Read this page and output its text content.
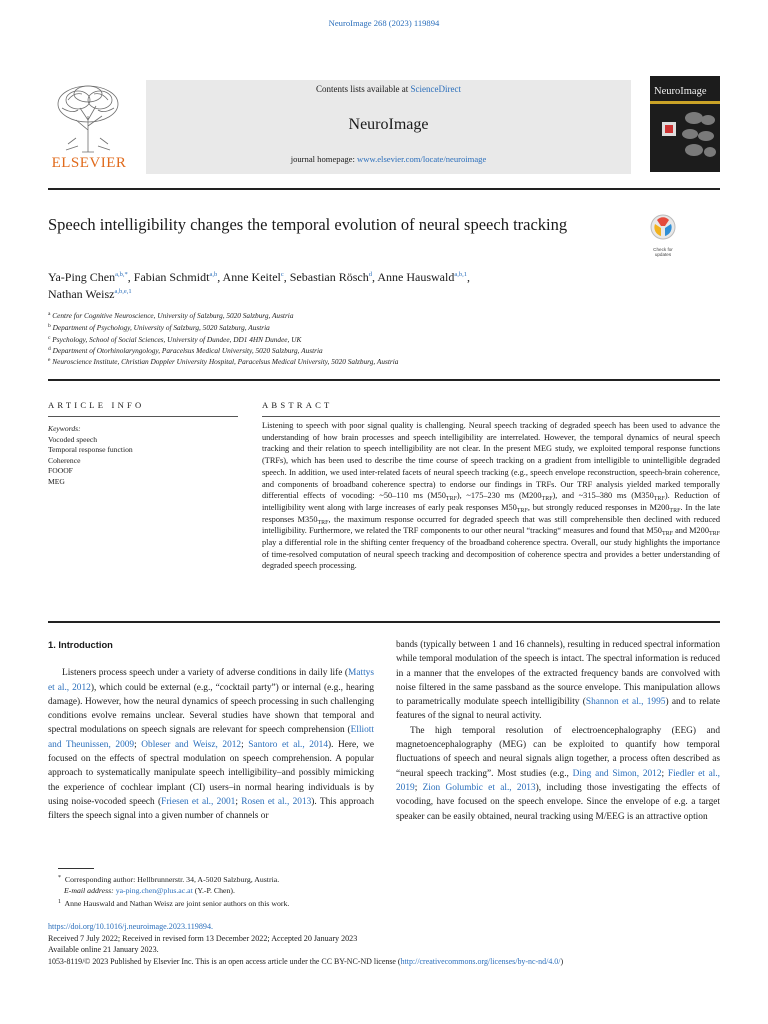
NeuroImage 268 (2023) 119894
ELSEVIER
Contents lists available at ScienceDirect
NeuroImage
journal homepage: www.elsevier.com/locate/neuroimage
NeuroImage
Speech intelligibility changes the temporal evolution of neural speech tracking
Check for updates
Ya-Ping Chen$^{a,b,*}$, Fabian Schmidt$^{a,b}$, Anne Keitel$^c$, Sebastian Rösch$^d$, Anne Hauswald$^{a,b,1}$,
Nathan Weisz$^{a,b,e,1}$
$^a$ Centre for Cognitive Neuroscience, University of Salzburg, 5020 Salzburg, Austria
$^b$ Department of Psychology, University of Salzburg, 5020 Salzburg, Austria
$^c$ Psychology, School of Social Sciences, University of Dundee, DD1 4HN Dundee, UK
$^d$ Department of Otorhinolaryngology, Paracelsus Medical University, 5020 Salzburg, Austria
$^e$ Neuroscience Institute, Christian Doppler University Hospital, Paracelsus Medical University, 5020 Salzburg, Austria
ARTICLE INFO
Keywords:
Vocoded speech
Temporal response function
Coherence
FOOOF
MEG
ABSTRACT
Listening to speech with poor signal quality is challenging. Neural speech tracking of degraded speech has been used to advance the understanding of how brain processes and speech intelligibility are interrelated. However, the temporal dynamics of neural speech tracking and their relation to speech intelligibility are not clear. In the present MEG study, we exploited temporal response functions (TRFs), which has been used to describe the time course of speech tracking on a gradient from intelligible to unintelligible degraded speech. In addition, we used inter-related facets of neural speech tracking (e.g., speech envelope reconstruction, speech-brain coherence, and components of broadband coherence spectra) to endorse our findings in TRFs. Our TRF analysis yielded marked temporally differential effects of vocoding: ~50–110 ms $(M50_{TRF})$, ~175–230 ms $(M200_{TRF})$, and ~315–380 ms $(M350_{TRF})$. Reduction of intelligibility went along with large increases of early peak responses $M50_{TRF}$, but strongly reduced responses in $M200_{TRF}$. In the late responses $M350_{TRF}$, the maximum response occurred for degraded speech that was still comprehensible then declined with reduced intelligibility. Furthermore, we related the TRF components to our other neural “tracking“ measures and found that $M50_{TRF}$ and $M200_{TRF}$ play a differential role in the shifting center frequency of the broadband coherence spectra. Overall, our study highlights the importance of time-resolved computation of neural speech tracking and decomposition of coherence spectra and provides a better understanding of degraded speech processing.
1. Introduction

Listeners process speech under a variety of adverse conditions in daily life (Mattys et al., 2012), which could be external (e.g., “cocktail party”) or internal (e.g., hearing damage). However, how the neural dynamics of speech processing in such challenging conditions evolve remains unclear. Several studies have shown that temporal and spectral modulations on speech signals are relevant for speech comprehension (Elliott and Theunissen, 2009; Obleser and Weisz, 2012; Santoro et al., 2014). Here, we focused on the effects of spectral modulation on speech comprehension. A popular approach to systematically manipulate speech intelligibility–and possibly mimicking the experience of cochlear implant (CI) users–in normal hearing individuals is by using noise-vocoded speech (Friesen et al., 2001; Rosen et al., 2013). This approach filters the speech signal into a given number of channels or

bands (typically between 1 and 16 channels), resulting in reduced spectral information while temporal modulation of the speech is intact. The spectral information is reduced in a manner that the envelopes of the extracted frequency bands are convolved with noise filtered in the same passband as the source envelope. This manipulation allows to parametrically modulate speech intelligibility (Shannon et al., 1995) and to relate features of the signal to neural activity.

The high temporal resolution of electroencephalography (EEG) and magnetoencephalography (MEG) can be exploited to quantify how temporal fluctuations of speech and neural signals align together, a process often described as “neural speech tracking”. Most studies (e.g., Ding and Simon, 2012; Fiedler et al., 2019; Zion Golumbic et al., 2013), including those investigating the effects of vocoding, have focused on the speech envelope. Since the envelope of e.g. a target speaker can be easily obtained, neural tracking using M/EEG is an attractive option

* Corresponding author: Hellbrunnerstr. 34, A-5020 Salzburg, Austria.
E-mail address: ya-ping.chen@plus.ac.at (Y.-P. Chen).
$^1$ Anne Hauswald and Nathan Weisz are joint senior authors on this work.
https://doi.org/10.1016/j.neuroimage.2023.119894.
Received 7 July 2022; Received in revised form 13 December 2022; Accepted 20 January 2023
Available online 21 January 2023.
1053-8119/© 2023 Published by Elsevier Inc. This is an open access article under the CC BY-NC-ND license (http://creativecommons.org/licenses/by-nc-nd/4.0/)
